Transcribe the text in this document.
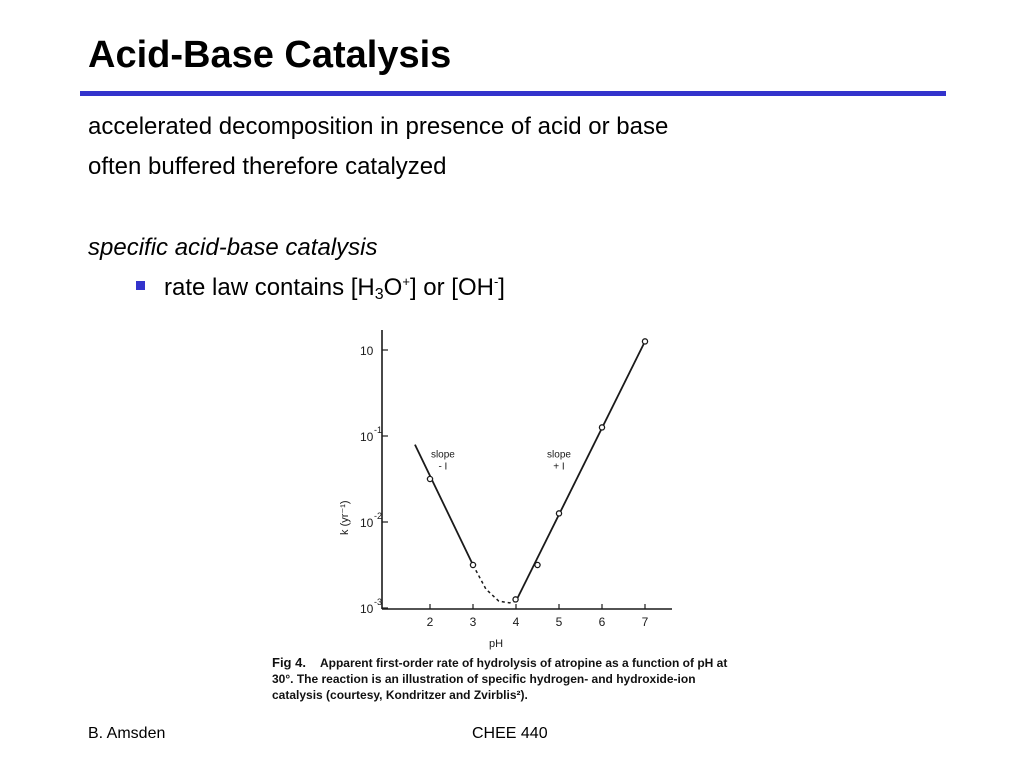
Acid-Base Catalysis
accelerated decomposition in presence of acid or base
often buffered therefore catalyzed
specific acid-base catalysis
rate law contains $[H_3O^+]$ or [OH-]
2	3	4	5	6	7
10 -3
10 -2
10 -1
10
pH
k (yr⁻¹)
slope
- I
slope
+ I
Fig 4. Apparent first-order rate of hydrolysis of atropine as a function of pH at 30°. The reaction is an illustration of specific hydrogen- and hydroxide-ion catalysis (courtesy, Kondritzer and Zvirblis²).
B. Amsden	CHEE 440
